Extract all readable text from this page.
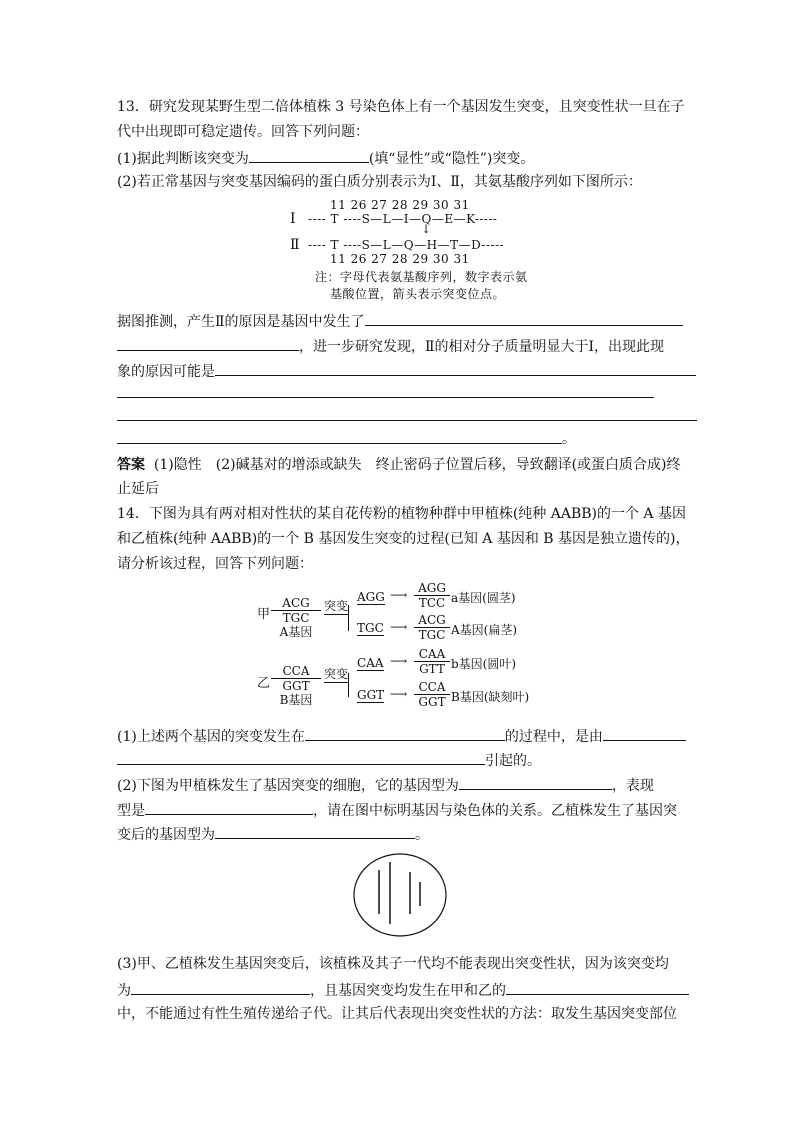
13．研究发现某野生型二倍体植株 3 号染色体上有一个基因发生突变，且突变性状一旦在子
代中出现即可稳定遗传。回答下列问题：
(1)据此判断该突变为	(填“显性”或“隐性”)突变。
(2)若正常基因与突变基因编码的蛋白质分别表示为Ⅰ、Ⅱ，其氨基酸序列如下图所示：
11 26 27 28 29 30 31
Ⅰ ---- T ----S—L—I—Q—E—K-----
↓
Ⅱ ---- T ----S—L—Q—H—T—D-----
11 26 27 28 29 30 31
注：字母代表氨基酸序列，数字表示氨
基酸位置，箭头表示突变位点。
据图推测，产生Ⅱ的原因是基因中发生了
，进一步研究发现，Ⅱ的相对分子质量明显大于Ⅰ，出现此现
象的原因可能是
。
答案 (1)隐性　(2)碱基对的增添或缺失　终止密码子位置后移，导致翻译(或蛋白质合成)终
止延后
14．下图为具有两对相对性状的某自花传粉的植物种群中甲植株(纯种 AABB)的一个 A 基因
和乙植株(纯种 AABB)的一个 B 基因发生突变的过程(已知 A 基因和 B 基因是独立遗传的)，
请分析该过程，回答下列问题：
甲
ACG
TGC
A基因
突变
AGG ⟶ AGG
TCC a基因(圆茎)
TGC ⟶ ACG
TGC A基因(扁茎)
乙
CCA
GGT
B基因
突变
CAA ⟶ CAA
GTT b基因(圆叶)
GGT ⟶ CCA
GGT B基因(缺刻叶)
(1)上述两个基因的突变发生在	的过程中，是由
引起的。
(2)下图为甲植株发生了基因突变的细胞，它的基因型为	，表现
型是	，请在图中标明基因与染色体的关系。乙植株发生了基因突
变后的基因型为	。
(3)甲、乙植株发生基因突变后，该植株及其子一代均不能表现出突变性状，因为该突变均
为	，且基因突变均发生在甲和乙的
中，不能通过有性生殖传递给子代。让其后代表现出突变性状的方法：取发生基因突变部位
